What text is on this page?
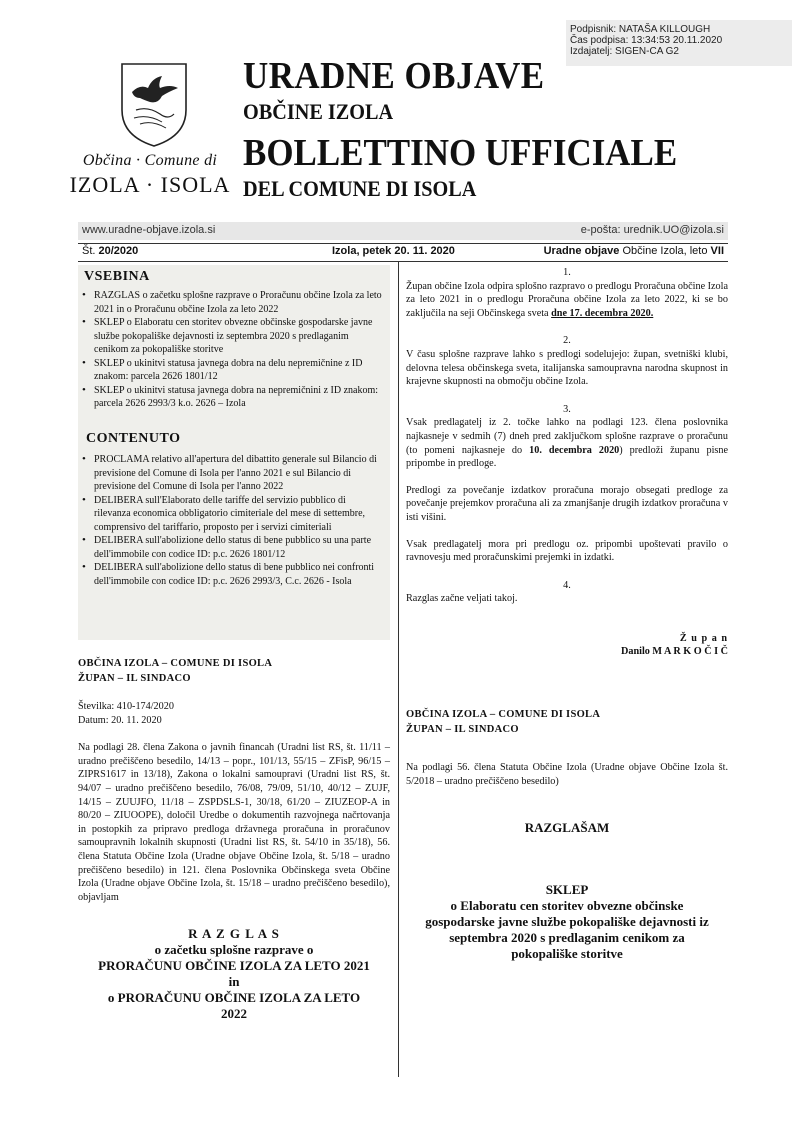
Podpisnik: NATAŠA KILLOUGH
Čas podpisa: 13:34:53 20.11.2020
Izdajatelj: SIGEN-CA G2
Občina · Comune di
IZOLA · ISOLA
URADNE OBJAVE
OBČINE IZOLA
BOLLETTINO UFFICIALE
DEL COMUNE DI ISOLA
www.uradne-objave.izola.si	e-pošta: urednik.UO@izola.si
Št. 20/2020	Izola, petek 20. 11. 2020	Uradne objave Občine Izola, leto VII
VSEBINA
• RAZGLAS o začetku splošne razprave o Proračunu občine Izola za leto 2021 in o Proračunu občine Izola za leto 2022
• SKLEP o Elaboratu cen storitev obvezne občinske gospodarske javne službe pokopališke dejavnosti iz septembra 2020 s predlaganim cenikom za pokopališke storitve
• SKLEP o ukinitvi statusa javnega dobra na delu nepremičnine z ID znakom: parcela 2626 1801/12
• SKLEP o ukinitvi statusa javnega dobra na nepremičnini z ID znakom: parcela 2626 2993/3 k.o. 2626 – Izola
CONTENUTO
• PROCLAMA relativo all'apertura del dibattito generale sul Bilancio di previsione del Comune di Isola per l'anno 2021 e sul Bilancio di previsione del Comune di Isola per l'anno 2022
• DELIBERA sull'Elaborato delle tariffe del servizio pubblico di rilevanza economica obbligatorio cimiteriale del mese di settembre, comprensivo del tariffario, proposto per i servizi cimiteriali
• DELIBERA sull'abolizione dello status di bene pubblico su una parte dell'immobile con codice ID: p.c. 2626 1801/12
• DELIBERA sull'abolizione dello status di bene pubblico nei confronti dell'immobile con codice ID: p.c. 2626 2993/3, C.c. 2626 - Isola
OBČINA IZOLA – COMUNE DI ISOLA
ŽUPAN – IL SINDACO
Številka: 410-174/2020
Datum: 20. 11. 2020
Na podlagi 28. člena Zakona o javnih financah (Uradni list RS, št. 11/11 – uradno prečiščeno besedilo, 14/13 – popr., 101/13, 55/15 – ZFisP, 96/15 – ZIPRS1617 in 13/18), Zakona o lokalni samoupravi (Uradni list RS, št. 94/07 – uradno prečiščeno besedilo, 76/08, 79/09, 51/10, 40/12 – ZUJF, 14/15 – ZUUJFO, 11/18 – ZSPDSLS-1, 30/18, 61/20 – ZIUZEOP-A in 80/20 – ZIUOOPE), določil Uredbe o dokumentih razvojnega načrtovanja in postopkih za pripravo predloga državnega proračuna in proračunov samoupravnih lokalnih skupnosti (Uradni list RS, št. 54/10 in 35/18), 56. člena Statuta Občine Izola (Uradne objave Občine Izola, št. 5/18 – uradno prečiščeno besedilo) in 121. člena Poslovnika Občinskega sveta Občine Izola (Uradne objave Občine Izola, št. 15/18 – uradno prečiščeno besedilo), objavljam
R A Z G L A S
o začetku splošne razprave o
PRORAČUNU OBČINE IZOLA ZA LETO 2021
in
o PRORAČUNU OBČINE IZOLA ZA LETO
2022
1.
Župan občine Izola odpira splošno razpravo o predlogu Proračuna občine Izola za leto 2021 in o predlogu Proračuna občine Izola za leto 2022, ki se bo zaključila na seji Občinskega sveta dne 17. decembra 2020.
2.
V času splošne razprave lahko s predlogi sodelujejo: župan, svetniški klubi, delovna telesa občinskega sveta, italijanska samoupravna narodna skupnost in krajevne skupnosti na območju občine Izola.
3.
Vsak predlagatelj iz 2. točke lahko na podlagi 123. člena poslovnika najkasneje v sedmih (7) dneh pred zaključkom splošne razprave o proračunu (to pomeni najkasneje do 10. decembra 2020) predloži županu pisne pripombe in predloge.
Predlogi za povečanje izdatkov proračuna morajo obsegati predloge za povečanje prejemkov proračuna ali za zmanjšanje drugih izdatkov proračuna v isti višini.
Vsak predlagatelj mora pri predlogu oz. pripombi upoštevati pravilo o ravnovesju med proračunskimi prejemki in izdatki.
4.
Razglas začne veljati takoj.
Ž u p a n
Danilo M A R K O Č I Č
OBČINA IZOLA – COMUNE DI ISOLA
ŽUPAN – IL SINDACO
Na podlagi 56. člena Statuta Občine Izola (Uradne objave Občine Izola št. 5/2018 – uradno prečiščeno besedilo)
RAZGLAŠAM
SKLEP
o Elaboratu cen storitev obvezne občinske gospodarske javne službe pokopališke dejavnosti iz septembra 2020 s predlaganim cenikom za pokopališke storitve
